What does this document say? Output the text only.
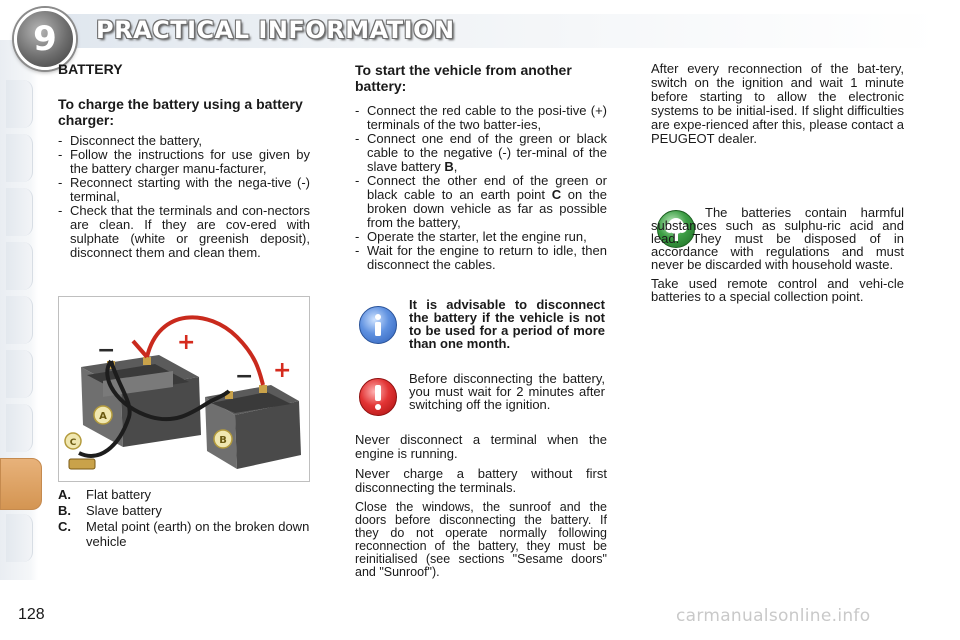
9	PRACTICAL INFORMATION
BATTERY
To charge the battery using a battery charger:
- Disconnect the battery,
- Follow the instructions for use given by the battery charger manu-facturer,
- Reconnect starting with the nega-tive (-) terminal,
- Check that the terminals and con-nectors are clean. If they are cov-ered with sulphate (white or greenish deposit), disconnect them and clean them.
A
B
+
+
−
−
C
A.	Flat battery
B.	Slave battery
C.	Metal point (earth) on the broken down vehicle
To start the vehicle from another battery:
- Connect the red cable to the posi-tive (+) terminals of the two batter-ies,
- Connect one end of the green or black cable to the negative (-) ter-minal of the slave battery B,
- Connect the other end of the green or black cable to an earth point C on the broken down vehicle as far as possible from the battery,
- Operate the starter, let the engine run,
- Wait for the engine to return to idle, then disconnect the cables.
It is advisable to disconnect the battery if the vehicle is not to be used for a period of more than one month.
Before disconnecting the battery, you must wait for 2 minutes after switching off the ignition.

Never disconnect a terminal when the engine is running.

Never charge a battery without first disconnecting the terminals.

Close the windows, the sunroof and the doors before disconnecting the battery. If they do not operate normally following reconnection of the battery, they must be reinitialised (see sections "Sesame doors" and "Sunroof").

After every reconnection of the bat-tery, switch on the ignition and wait 1 minute before starting to allow the electronic systems to be initial-ised. If slight difficulties are expe-rienced after this, please contact a PEUGEOT dealer.

The batteries contain harmful substances such as sulphu-ric acid and lead. They must be disposed of in accordance with regulations and must never be discarded with household waste.

Take used remote control and vehi-cle batteries to a special collection point.

128	carmanualsonline.info
